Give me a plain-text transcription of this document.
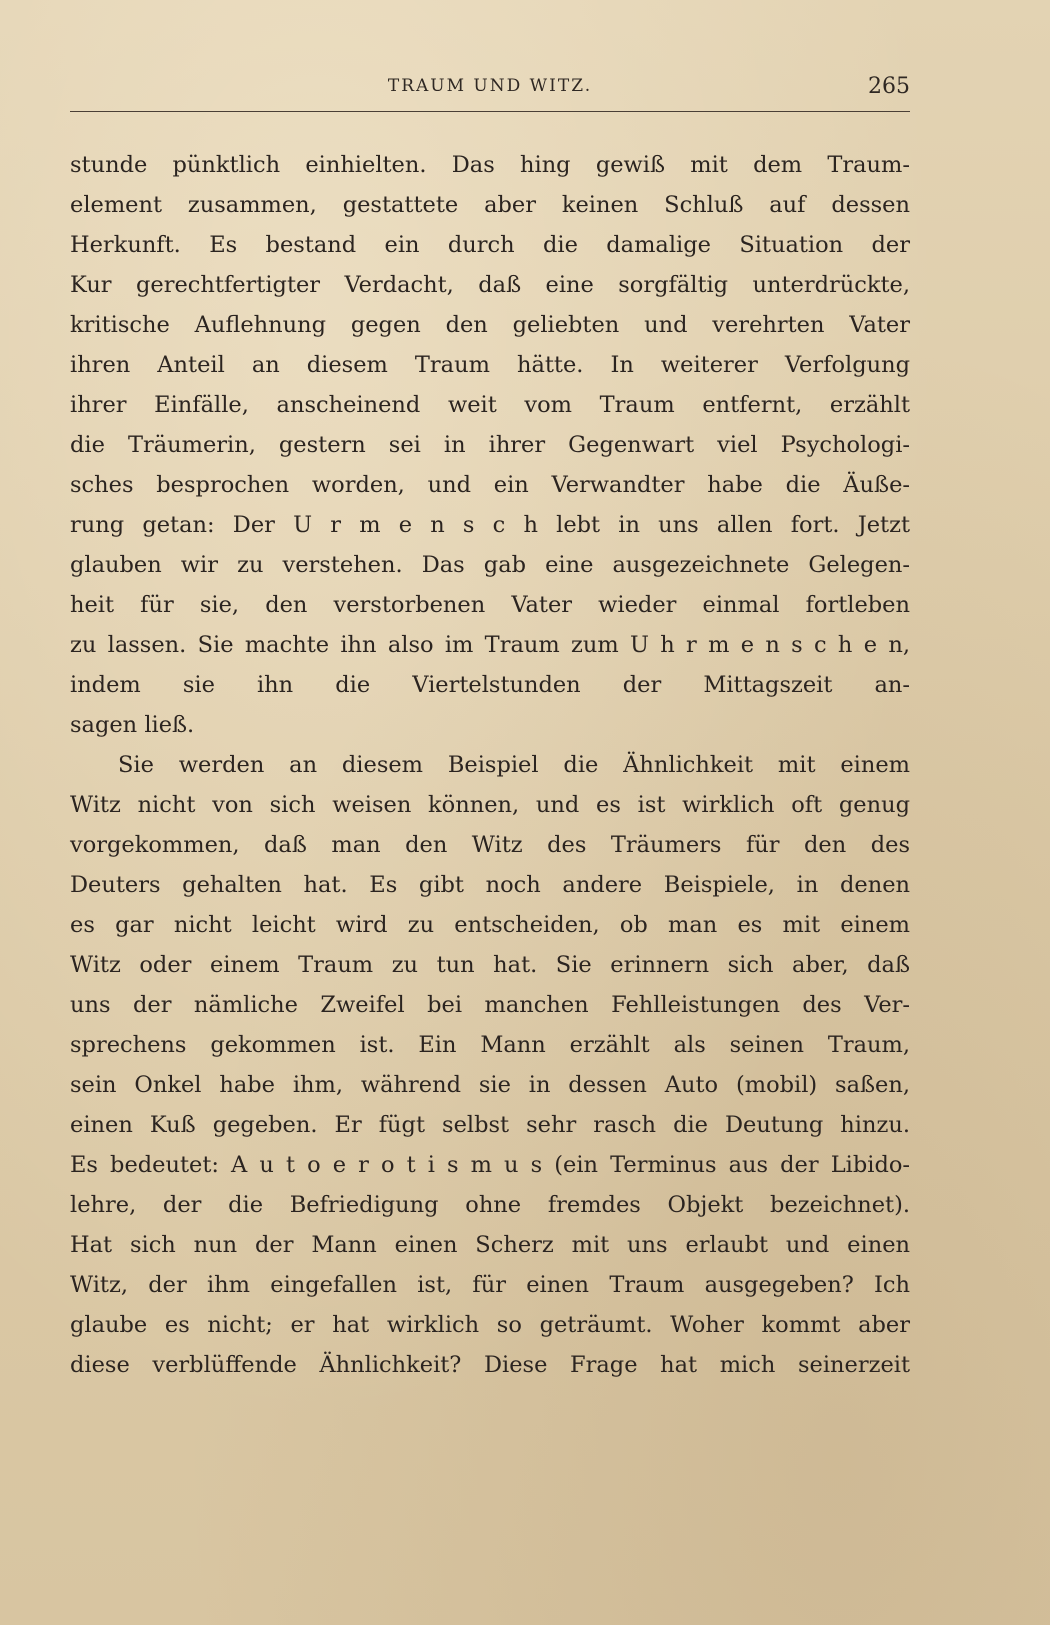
TRAUM UND WITZ.	265
stunde pünktlich einhielten. Das hing gewiß mit dem Traum-
element zusammen, gestattete aber keinen Schluß auf dessen
Herkunft. Es bestand ein durch die damalige Situation der
Kur gerechtfertigter Verdacht, daß eine sorgfältig unterdrückte,
kritische Auflehnung gegen den geliebten und verehrten Vater
ihren Anteil an diesem Traum hätte. In weiterer Verfolgung
ihrer Einfälle, anscheinend weit vom Traum entfernt, erzählt
die Träumerin, gestern sei in ihrer Gegenwart viel Psychologi-
sches besprochen worden, und ein Verwandter habe die Äuße-
rung getan: Der U r m e n s c h lebt in uns allen fort. Jetzt
glauben wir zu verstehen. Das gab eine ausgezeichnete Gelegen-
heit für sie, den verstorbenen Vater wieder einmal fortleben
zu lassen. Sie machte ihn also im Traum zum U h r m e n s c h e n,
indem sie ihn die Viertelstunden der Mittagszeit an-
sagen ließ.
Sie werden an diesem Beispiel die Ähnlichkeit mit einem
Witz nicht von sich weisen können, und es ist wirklich oft genug
vorgekommen, daß man den Witz des Träumers für den des
Deuters gehalten hat. Es gibt noch andere Beispiele, in denen
es gar nicht leicht wird zu entscheiden, ob man es mit einem
Witz oder einem Traum zu tun hat. Sie erinnern sich aber, daß
uns der nämliche Zweifel bei manchen Fehlleistungen des Ver-
sprechens gekommen ist. Ein Mann erzählt als seinen Traum,
sein Onkel habe ihm, während sie in dessen Auto (mobil) saßen,
einen Kuß gegeben. Er fügt selbst sehr rasch die Deutung hinzu.
Es bedeutet: A u t o e r o t i s m u s (ein Terminus aus der Libido-
lehre, der die Befriedigung ohne fremdes Objekt bezeichnet).
Hat sich nun der Mann einen Scherz mit uns erlaubt und einen
Witz, der ihm eingefallen ist, für einen Traum ausgegeben? Ich
glaube es nicht; er hat wirklich so geträumt. Woher kommt aber
diese verblüffende Ähnlichkeit? Diese Frage hat mich seinerzeit
